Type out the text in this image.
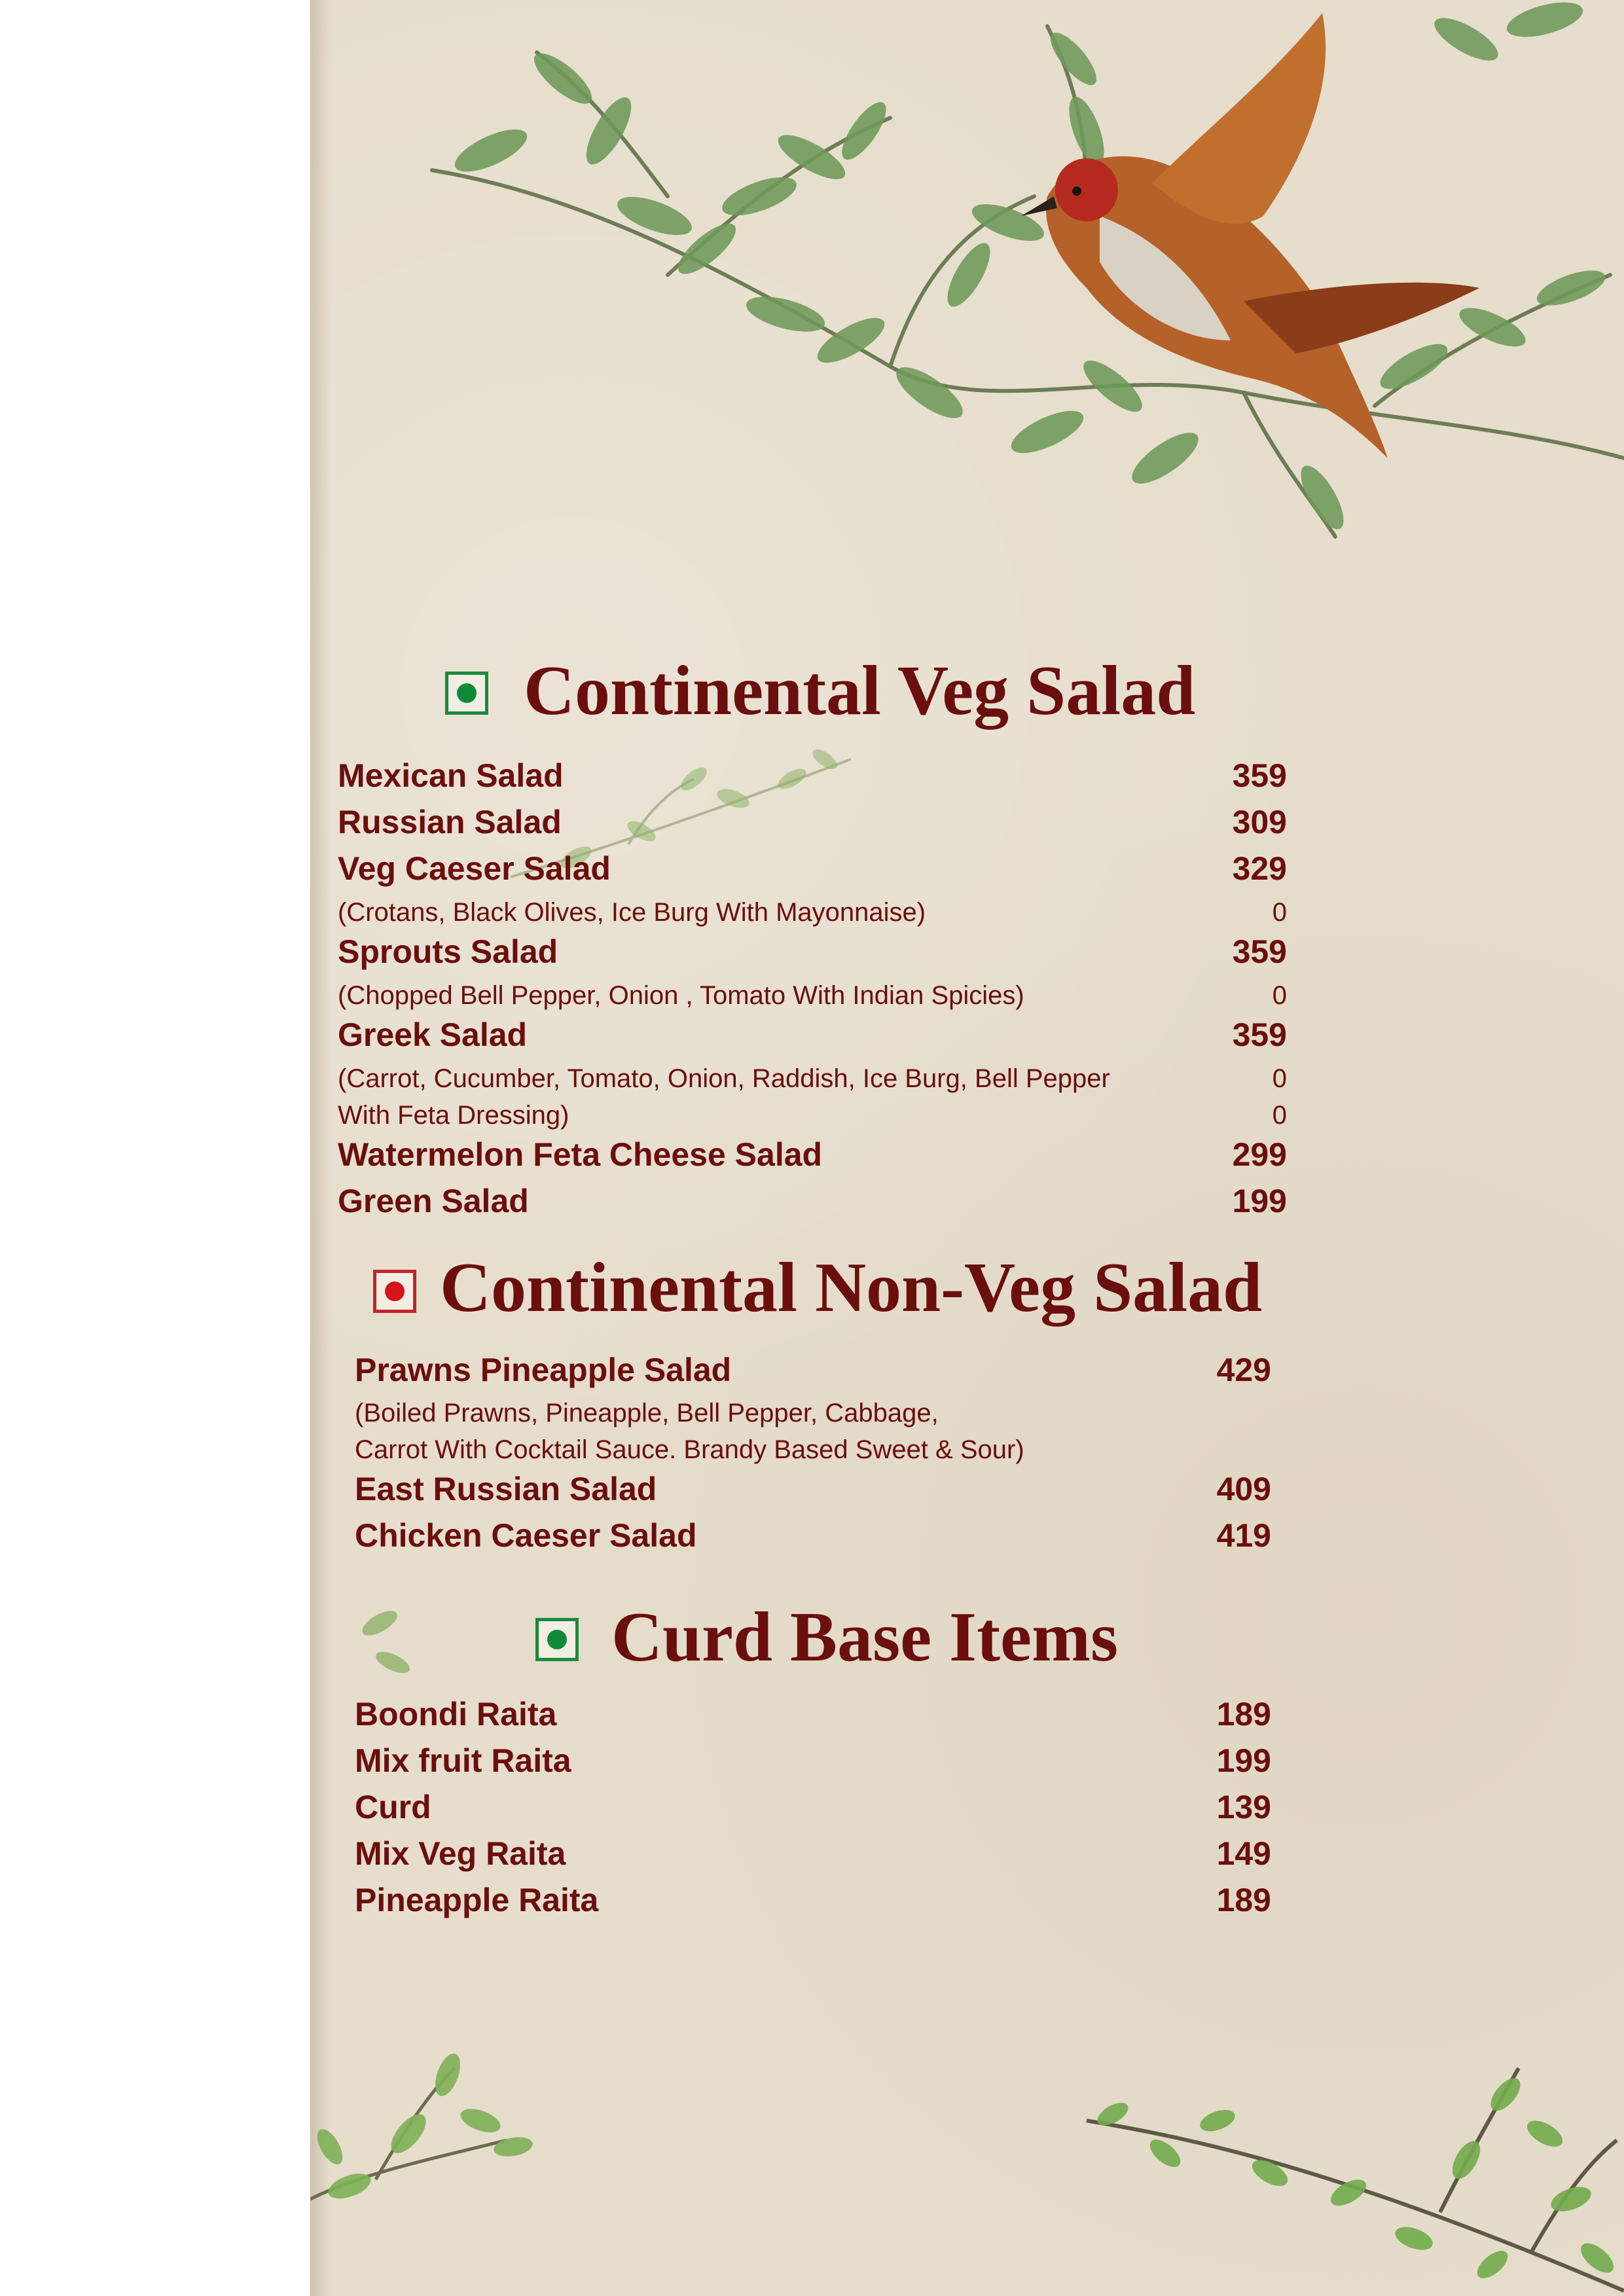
Continental Veg Salad
Mexican Salad	359
Russian Salad	309
Veg Caeser Salad	329
(Crotans, Black Olives, Ice Burg With Mayonnaise)	0
Sprouts Salad	359
(Chopped Bell Pepper, Onion , Tomato With Indian Spicies)	0
Greek Salad	359
(Carrot, Cucumber, Tomato, Onion, Raddish, Ice Burg, Bell Pepper	0
With Feta Dressing)	0
Watermelon Feta Cheese Salad	299
Green Salad	199
Continental Non-Veg Salad
Prawns Pineapple Salad	429
(Boiled Prawns, Pineapple, Bell Pepper, Cabbage,
Carrot With Cocktail Sauce. Brandy Based Sweet & Sour)
East Russian Salad	409
Chicken Caeser Salad	419
Curd Base Items
Boondi Raita	189
Mix fruit Raita	199
Curd	139
Mix Veg Raita	149
Pineapple Raita	189
